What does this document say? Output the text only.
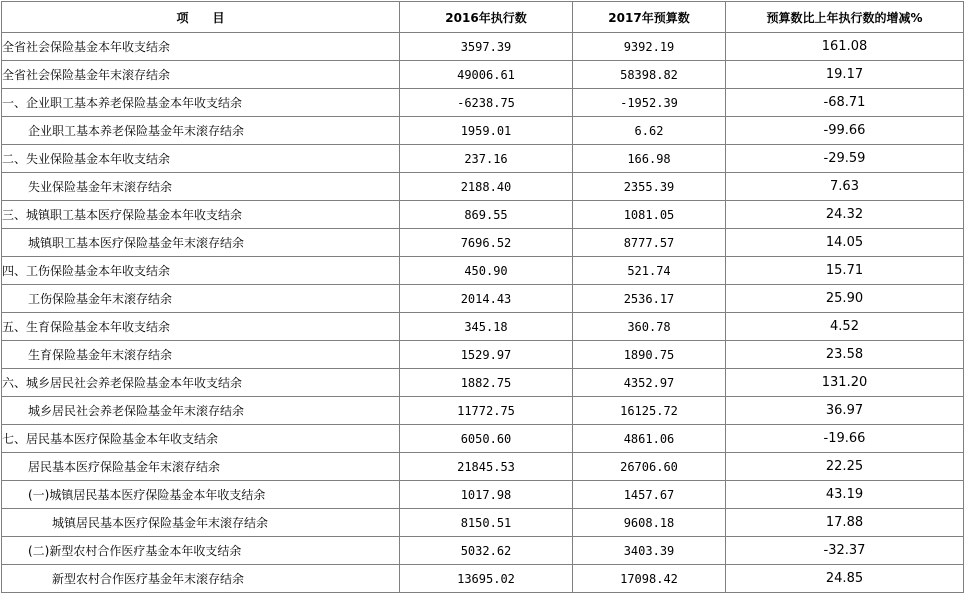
项　　目	2016年执行数	2017年预算数	预算数比上年执行数的增减%
全省社会保险基金本年收支结余	3597.39	9392.19	161.08
全省社会保险基金年末滚存结余	49006.61	58398.82	19.17
一、企业职工基本养老保险基金本年收支结余	-6238.75	-1952.39	-68.71
企业职工基本养老保险基金年末滚存结余	1959.01	6.62	-99.66
二、失业保险基金本年收支结余	237.16	166.98	-29.59
失业保险基金年末滚存结余	2188.40	2355.39	7.63
三、城镇职工基本医疗保险基金本年收支结余	869.55	1081.05	24.32
城镇职工基本医疗保险基金年末滚存结余	7696.52	8777.57	14.05
四、工伤保险基金本年收支结余	450.90	521.74	15.71
工伤保险基金年末滚存结余	2014.43	2536.17	25.90
五、生育保险基金本年收支结余	345.18	360.78	4.52
生育保险基金年末滚存结余	1529.97	1890.75	23.58
六、城乡居民社会养老保险基金本年收支结余	1882.75	4352.97	131.20
城乡居民社会养老保险基金年末滚存结余	11772.75	16125.72	36.97
七、居民基本医疗保险基金本年收支结余	6050.60	4861.06	-19.66
居民基本医疗保险基金年末滚存结余	21845.53	26706.60	22.25
(一)城镇居民基本医疗保险基金本年收支结余	1017.98	1457.67	43.19
城镇居民基本医疗保险基金年末滚存结余	8150.51	9608.18	17.88
(二)新型农村合作医疗基金本年收支结余	5032.62	3403.39	-32.37
新型农村合作医疗基金年末滚存结余	13695.02	17098.42	24.85
